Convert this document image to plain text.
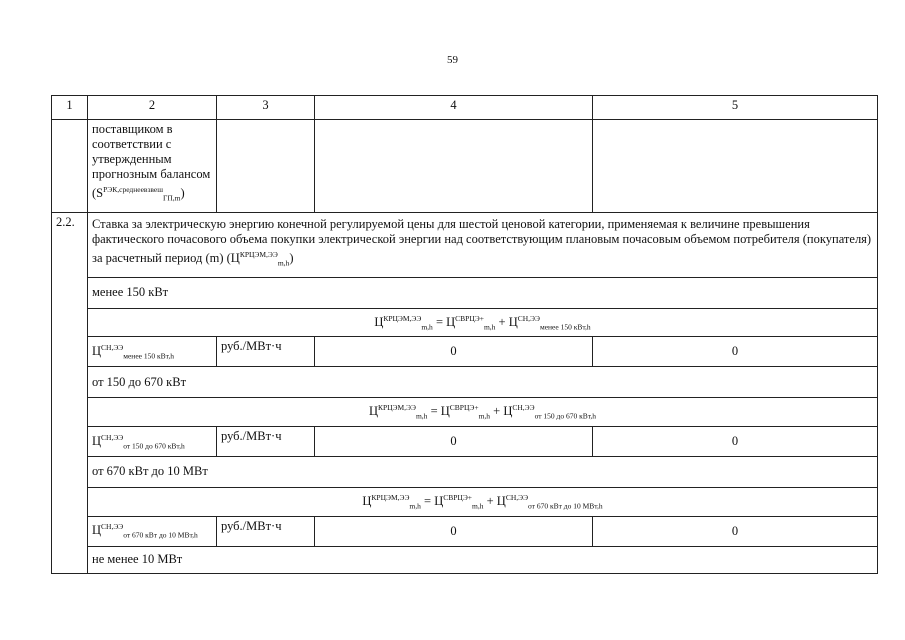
59
1	2	3	4	5
	поставщиком в соответствии с утвержденным прогнозным балансом $(S^{РЭК,среднеевзвеш}_{ГП,m})$			
2.2.	Ставка за электрическую энергию конечной регулируемой цены для шестой ценовой категории, применяемая к величине превышения фактического почасового объема покупки электрической энергии над соответствующим плановым почасовым объемом потребителя (покупателя) за расчетный период (m) $(Ц^{КРЦЭМ,ЭЭ}_{m,h})$			
	менее 150 кВт			
	$Ц^{КРЦЭМ,ЭЭ}_{m,h} = Ц^{СВРЦЭ+}_{m,h} + Ц^{СН,ЭЭ}_{менее 150 кВт,h}$
	$Ц^{СН,ЭЭ}_{менее 150 кВт,h}$	руб./МВт·ч	0	0
	от 150 до 670 кВт			
	$Ц^{КРЦЭМ,ЭЭ}_{m,h} = Ц^{СВРЦЭ+}_{m,h} + Ц^{СН,ЭЭ}_{от 150 до 670 кВт,h}$
	$Ц^{СН,ЭЭ}_{от 150 до 670 кВт,h}$	руб./МВт·ч	0	0
	от 670 кВт до 10 МВт			
	$Ц^{КРЦЭМ,ЭЭ}_{m,h} = Ц^{СВРЦЭ+}_{m,h} + Ц^{СН,ЭЭ}_{от 670 кВт до 10 МВт,h}$
	$Ц^{СН,ЭЭ}_{от 670 кВт до 10 МВт,h}$	руб./МВт·ч	0	0
	не менее 10 МВт			
